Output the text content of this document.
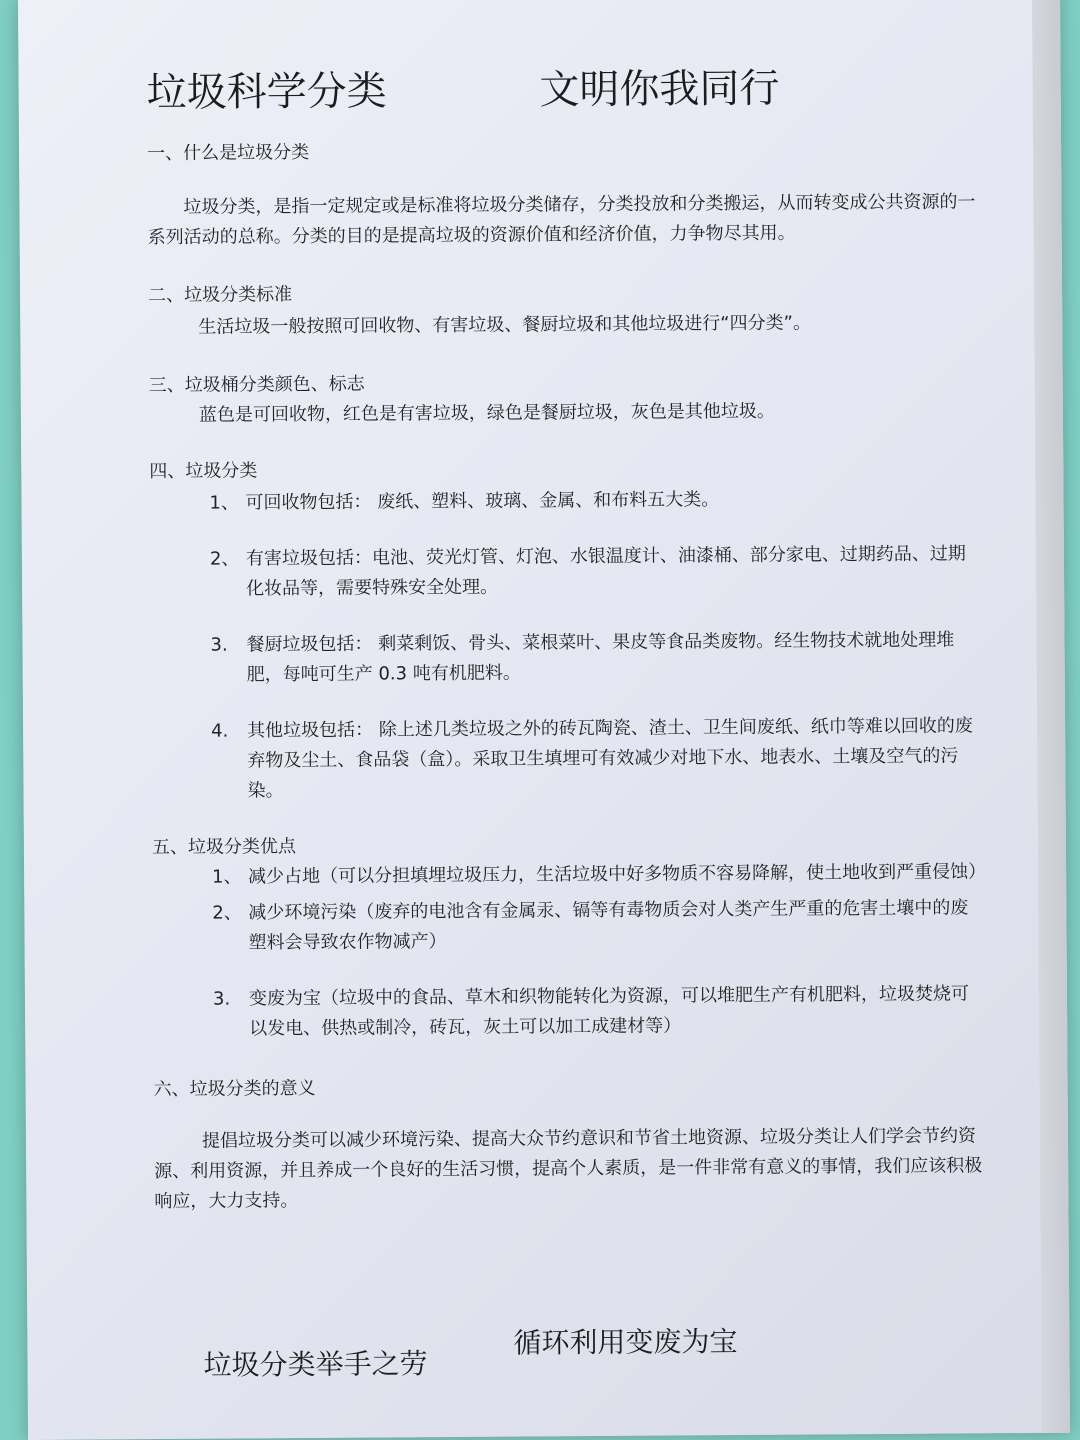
垃圾科学分类	文明你我同行

一、什么是垃圾分类

垃圾分类，是指一定规定或是标准将垃圾分类储存，分类投放和分类搬运，从而转变成公共资源的一系列活动的总称。分类的目的是提高垃圾的资源价值和经济价值，力争物尽其用。

二、垃圾分类标准

生活垃圾一般按照可回收物、有害垃圾、餐厨垃圾和其他垃圾进行“四分类”。

三、垃圾桶分类颜色、标志

蓝色是可回收物，红色是有害垃圾，绿色是餐厨垃圾，灰色是其他垃圾。

四、垃圾分类

1、 可回收物包括： 废纸、塑料、玻璃、金属、和布料五大类。
2、 有害垃圾包括：电池、荧光灯管、灯泡、水银温度计、油漆桶、部分家电、过期药品、过期化妆品等，需要特殊安全处理。
3.	餐厨垃圾包括： 剩菜剩饭、骨头、菜根菜叶、果皮等食品类废物。经生物技术就地处理堆肥，每吨可生产 0.3 吨有机肥料。
4.	其他垃圾包括： 除上述几类垃圾之外的砖瓦陶瓷、渣土、卫生间废纸、纸巾等难以回收的废弃物及尘土、食品袋（盒）。采取卫生填埋可有效减少对地下水、地表水、土壤及空气的污染。

五、垃圾分类优点

1、 减少占地（可以分担填埋垃圾压力，生活垃圾中好多物质不容易降解，使土地收到严重侵蚀）
2、 减少环境污染（废弃的电池含有金属汞、镉等有毒物质会对人类产生严重的危害土壤中的废塑料会导致农作物减产）
3.	变废为宝（垃圾中的食品、草木和织物能转化为资源，可以堆肥生产有机肥料，垃圾焚烧可以发电、供热或制冷，砖瓦，灰土可以加工成建材等）

六、垃圾分类的意义

提倡垃圾分类可以减少环境污染、提高大众节约意识和节省土地资源、垃圾分类让人们学会节约资源、利用资源，并且养成一个良好的生活习惯，提高个人素质，是一件非常有意义的事情，我们应该积极响应，大力支持。

垃圾分类举手之劳
循环利用变废为宝
